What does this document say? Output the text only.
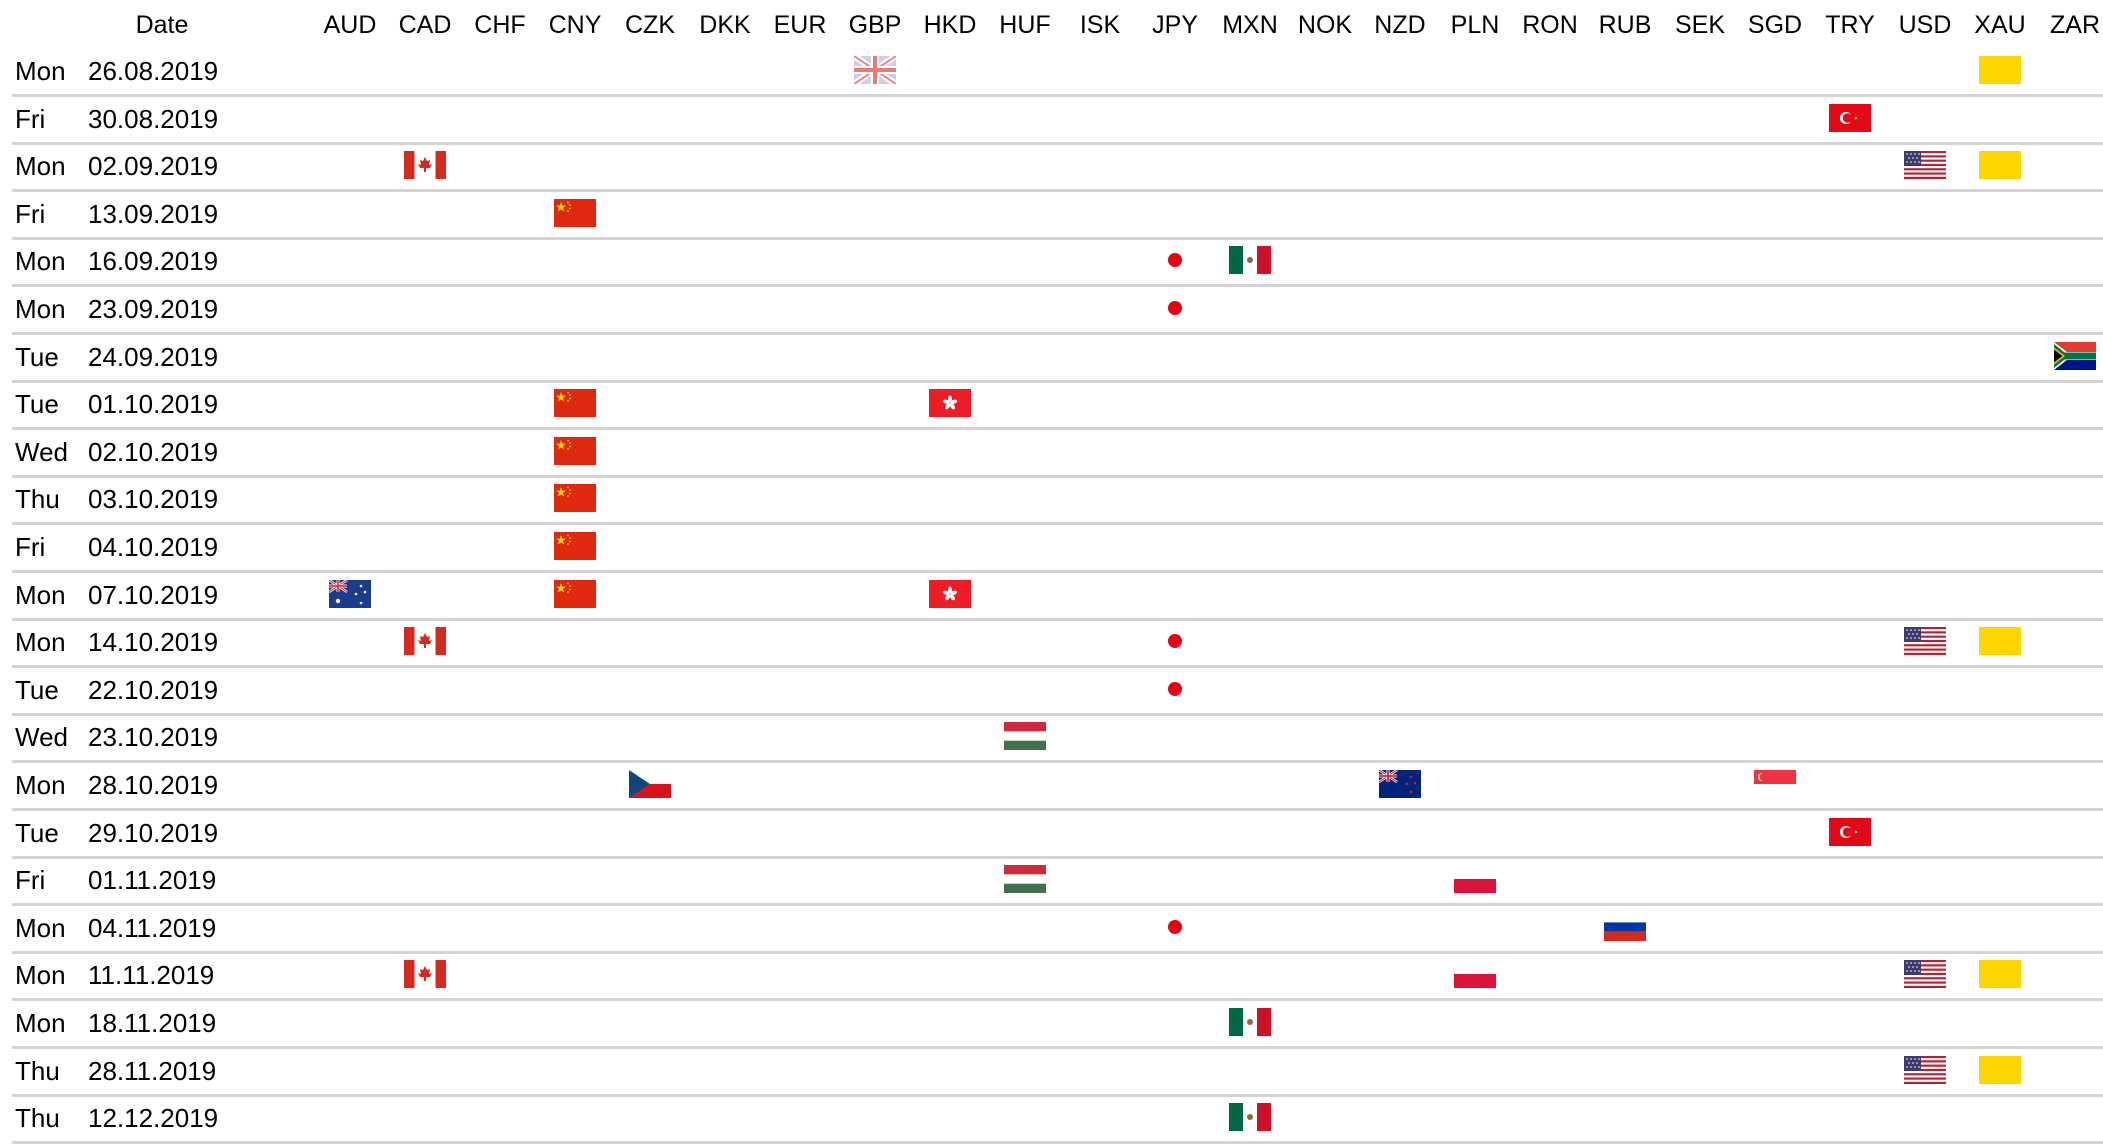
Date	AUD CAD CHF CNY CZK DKK EUR GBP HKD HUF	ISK	JPY MXN NOK NZD PLN RON RUB SEK SGD TRY USD XAU ZAR
Mon 26.08.2019
Fri 30.08.2019
Mon 02.09.2019
Fri 13.09.2019
Mon 16.09.2019
Mon 23.09.2019
Tue 24.09.2019
Tue 01.10.2019
Wed 02.10.2019
Thu 03.10.2019
Fri 04.10.2019
Mon 07.10.2019
Mon 14.10.2019
Tue 22.10.2019
Wed 23.10.2019
Mon 28.10.2019
Tue 29.10.2019
Fri 01.11.2019
Mon 04.11.2019
Mon 11.11.2019
Mon 18.11.2019
Thu 28.11.2019
Thu 12.12.2019
